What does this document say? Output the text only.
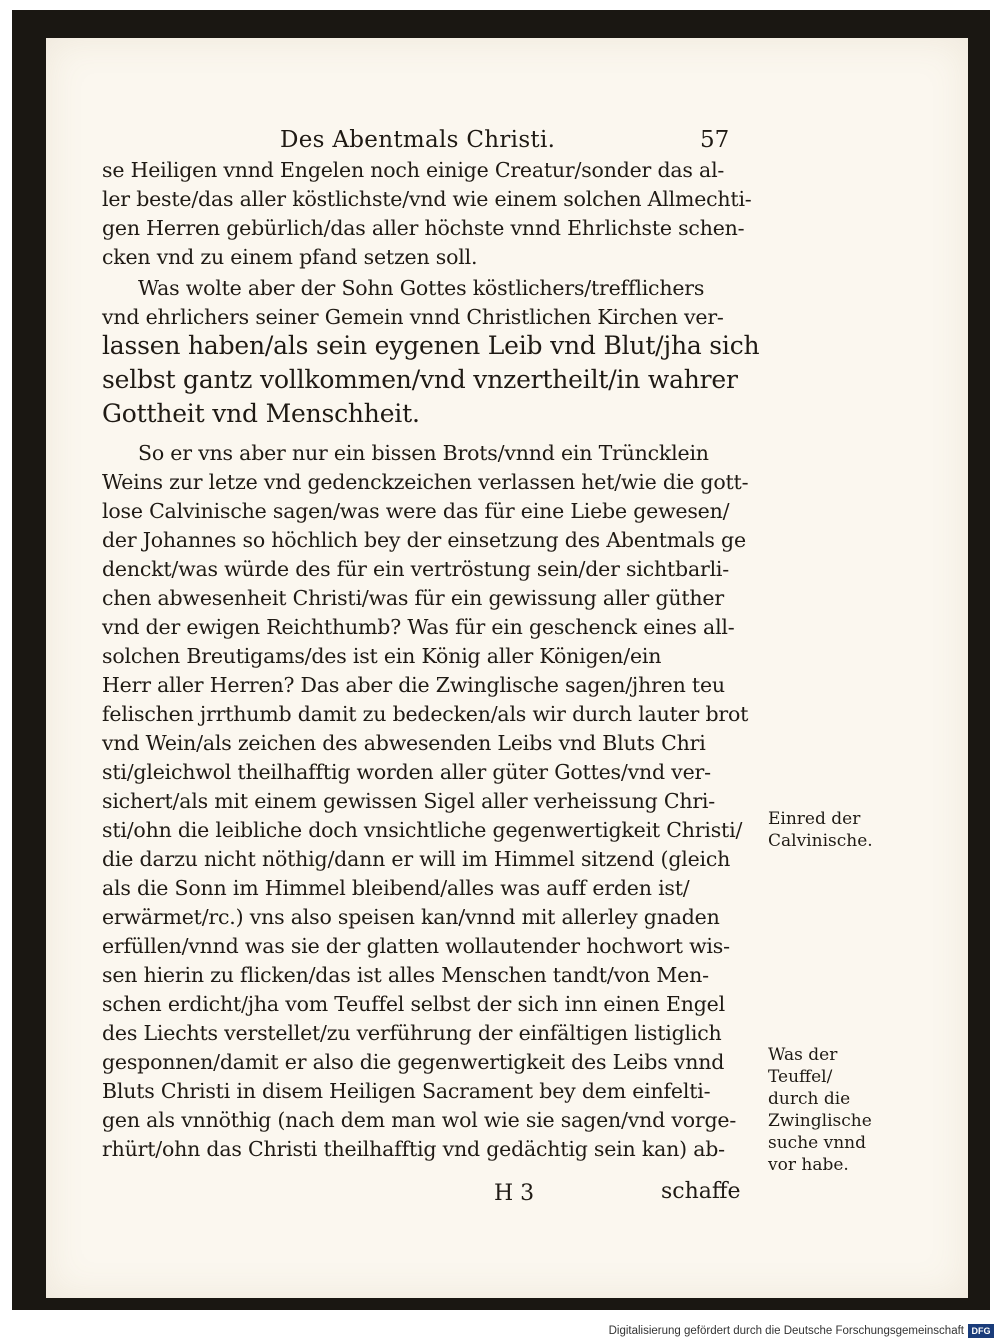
Des Abentmals Christi.	57
se Heiligen vnnd Engelen noch einige Creatur/sonder das al-
ler beste/das aller köstlichste/vnd wie einem solchen Allmechti-
gen Herren gebürlich/das aller höchste vnnd Ehrlichste schen-
cken vnd zu einem pfand setzen soll.
Was wolte aber der Sohn Gottes köstlichers/trefflichers
vnd ehrlichers seiner Gemein vnnd Christlichen Kirchen ver-
lassen haben/als sein eygenen Leib vnd Blut/jha sich
selbst gantz vollkommen/vnd vnzertheilt/in wahrer
Gottheit vnd Menschheit.
So er vns aber nur ein bissen Brots/vnnd ein Trüncklein
Weins zur letze vnd gedenckzeichen verlassen het/wie die gott-
lose Calvinische sagen/was were das für eine Liebe gewesen/
der Johannes so höchlich bey der einsetzung des Abentmals ge
denckt/was würde des für ein vertröstung sein/der sichtbarli-
chen abwesenheit Christi/was für ein gewissung aller güther
vnd der ewigen Reichthumb? Was für ein geschenck eines all-
solchen Breutigams/des ist ein König aller Königen/ein
Herr aller Herren? Das aber die Zwinglische sagen/jhren teu
felischen jrrthumb damit zu bedecken/als wir durch lauter brot
vnd Wein/als zeichen des abwesenden Leibs vnd Bluts Chri
sti/gleichwol theilhafftig worden aller güter Gottes/vnd ver-
sichert/als mit einem gewissen Sigel aller verheissung Chri-
sti/ohn die leibliche doch vnsichtliche gegenwertigkeit Christi/
die darzu nicht nöthig/dann er will im Himmel sitzend (gleich
als die Sonn im Himmel bleibend/alles was auff erden ist/
erwärmet/rc.) vns also speisen kan/vnnd mit allerley gnaden
erfüllen/vnnd was sie der glatten wollautender hochwort wis-
sen hierin zu flicken/das ist alles Menschen tandt/von Men-
schen erdicht/jha vom Teuffel selbst der sich inn einen Engel
des Liechts verstellet/zu verführung der einfältigen listiglich
gesponnen/damit er also die gegenwertigkeit des Leibs vnnd
Bluts Christi in disem Heiligen Sacrament bey dem einfelti-
gen als vnnöthig (nach dem man wol wie sie sagen/vnd vorge-
rhürt/ohn das Christi theilhafftig vnd gedächtig sein kan) ab-
Einred der
Calvinische.
Was der
Teuffel/
durch die
Zwinglische
suche vnnd
vor habe.
H 3	schaffe
Digitalisierung gefördert durch die Deutsche Forschungsgemeinschaft DFG
